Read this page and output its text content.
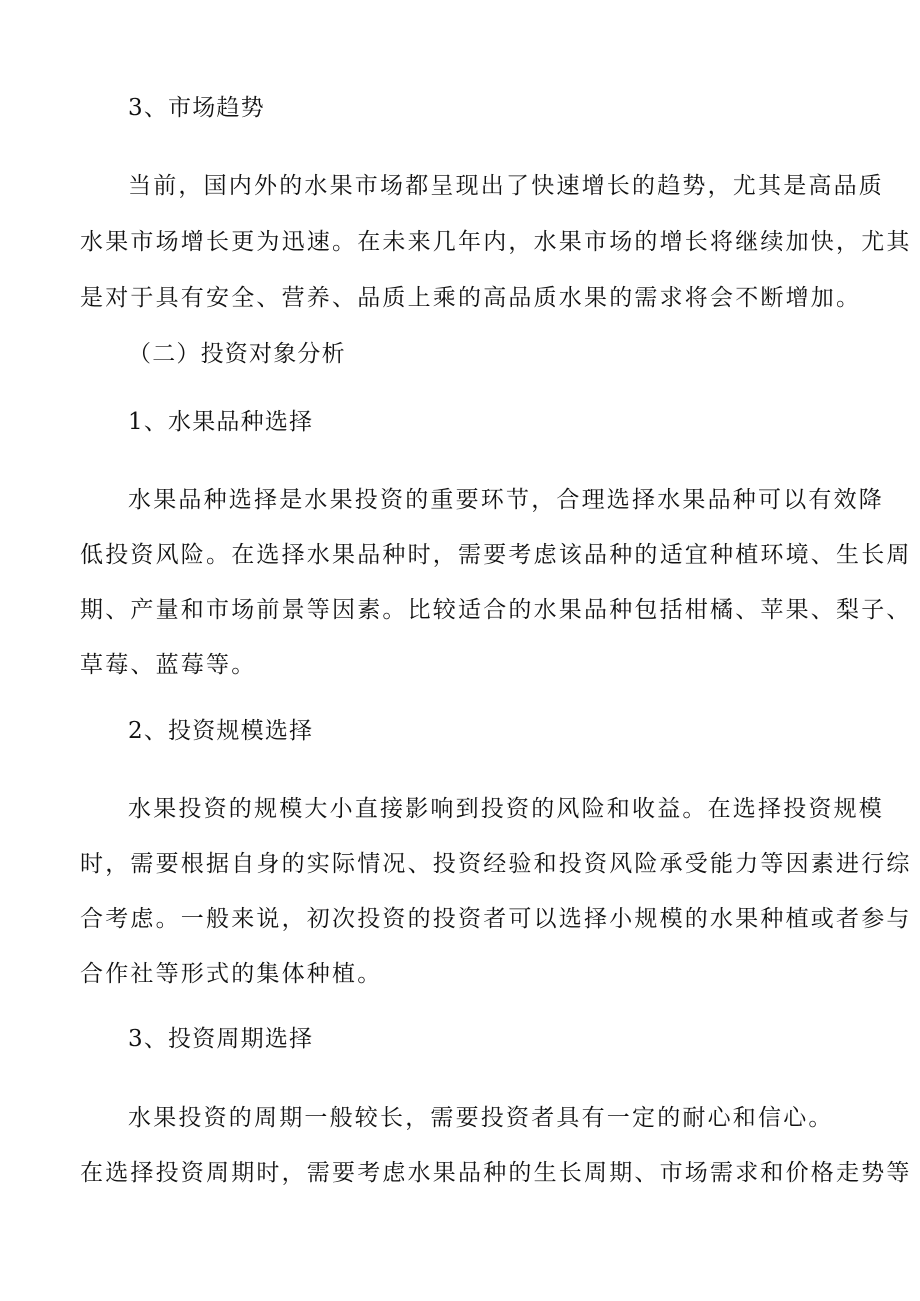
3、市场趋势
当前，国内外的水果市场都呈现出了快速增长的趋势，尤其是高品质
水果市场增长更为迅速。在未来几年内，水果市场的增长将继续加快，尤其
是对于具有安全、营养、品质上乘的高品质水果的需求将会不断增加。
（二）投资对象分析
1、水果品种选择
水果品种选择是水果投资的重要环节，合理选择水果品种可以有效降
低投资风险。在选择水果品种时，需要考虑该品种的适宜种植环境、生长周
期、产量和市场前景等因素。比较适合的水果品种包括柑橘、苹果、梨子、
草莓、蓝莓等。
2、投资规模选择
水果投资的规模大小直接影响到投资的风险和收益。在选择投资规模
时，需要根据自身的实际情况、投资经验和投资风险承受能力等因素进行综
合考虑。一般来说，初次投资的投资者可以选择小规模的水果种植或者参与
合作社等形式的集体种植。
3、投资周期选择
水果投资的周期一般较长，需要投资者具有一定的耐心和信心。
在选择投资周期时，需要考虑水果品种的生长周期、市场需求和价格走势等
